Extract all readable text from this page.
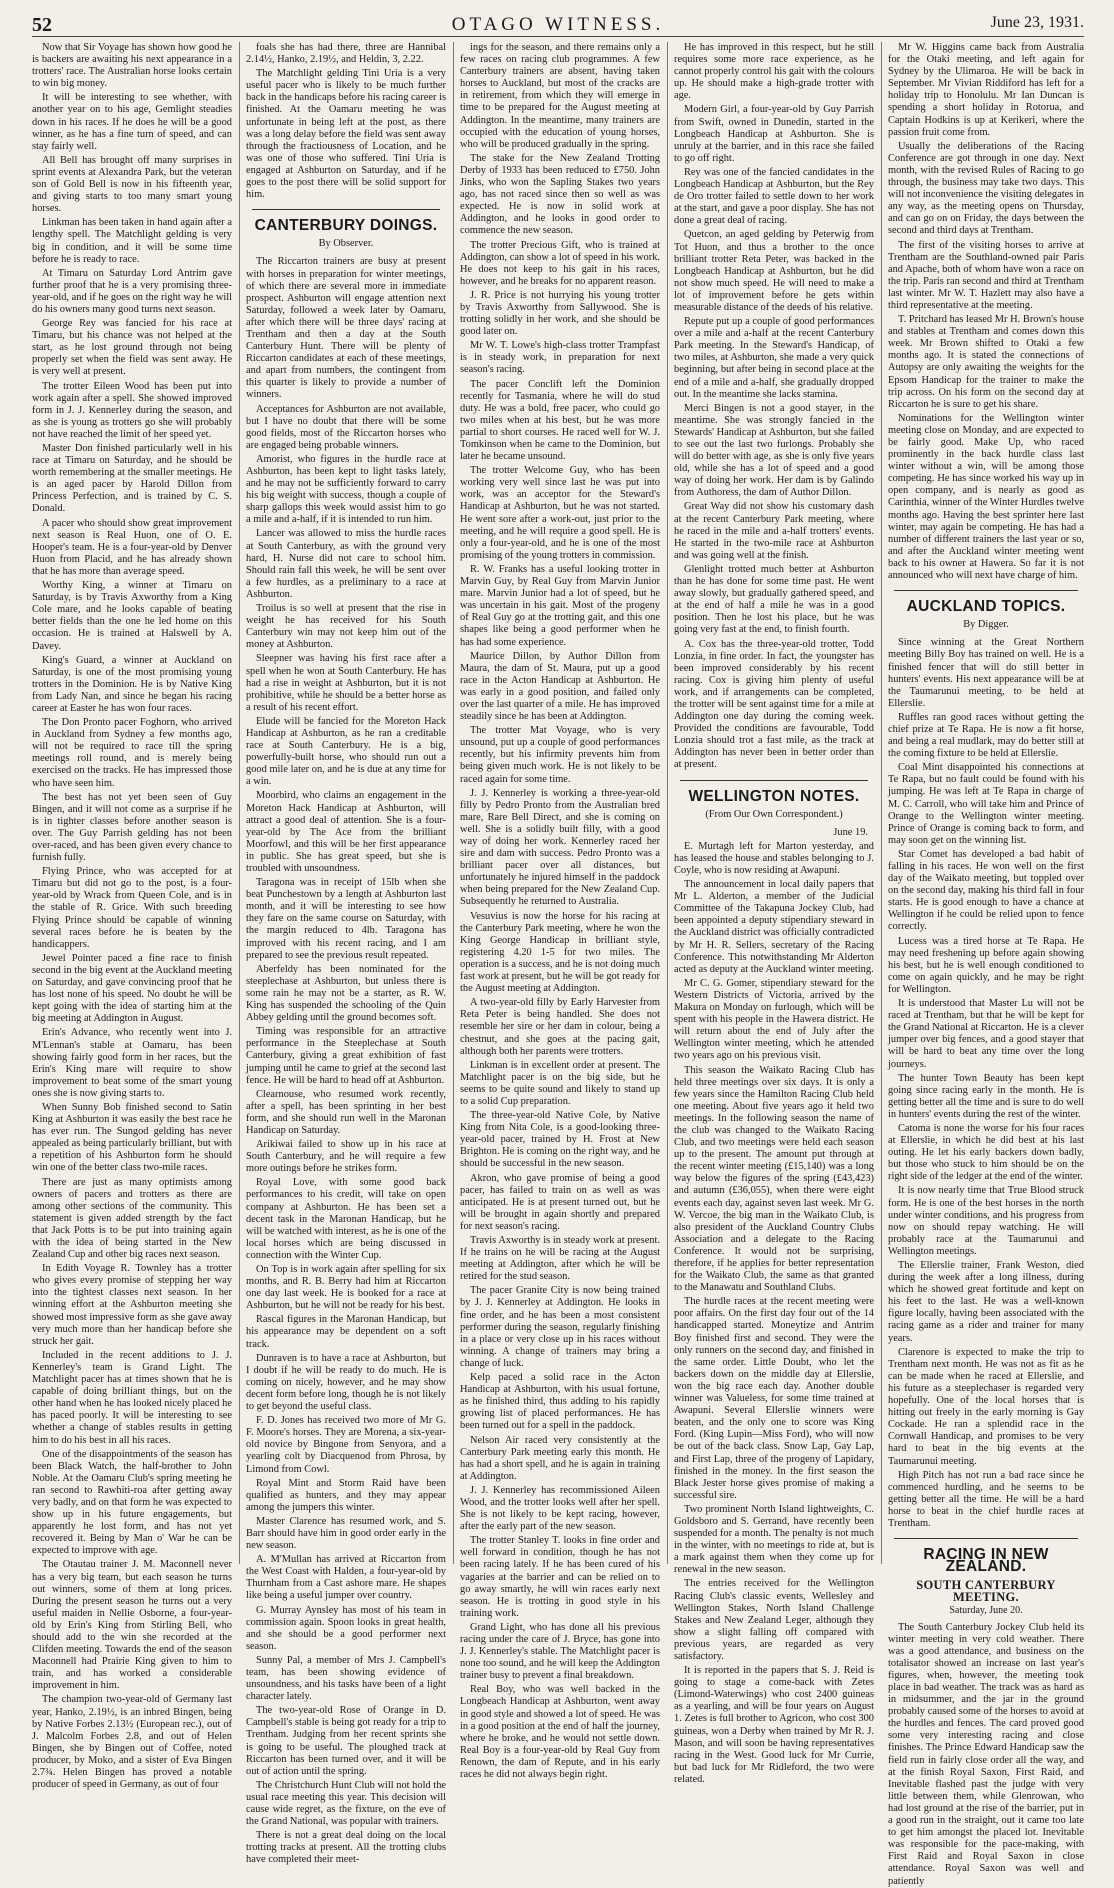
52	OTAGO WITNESS.	June 23, 1931.

Now that Sir Voyage has shown how good he is backers are awaiting his next appearance in a trotters' race. The Australian horse looks certain to win big money.

It will be interesting to see whether, with another year on to his age, Gemlight steadies down in his races. If he does he will be a good winner, as he has a fine turn of speed, and can stay fairly well.

All Bell has brought off many surprises in sprint events at Alexandra Park, but the veteran son of Gold Bell is now in his fifteenth year, and giving starts to too many smart young horses.

Linkman has been taken in hand again after a lengthy spell. The Matchlight gelding is very big in condition, and it will be some time before he is ready to race.

At Timaru on Saturday Lord Antrim gave further proof that he is a very promising three-year-old, and if he goes on the right way he will do his owners many good turns next season.

George Rey was fancied for his race at Timaru, but his chance was not helped at the start, as he lost ground through not being properly set when the field was sent away. He is very well at present.

The trotter Eileen Wood has been put into work again after a spell. She showed improved form in J. J. Kennerley during the season, and as she is young as trotters go she will probably not have reached the limit of her speed yet.

Master Don finished particularly well in his race at Timaru on Saturday, and he should be worth remembering at the smaller meetings. He is an aged pacer by Harold Dillon from Princess Perfection, and is trained by C. S. Donald.

A pacer who should show great improvement next season is Real Huon, one of O. E. Hooper's team. He is a four-year-old by Denver Huon from Placid, and he has already shown that he has more than average speed.

Worthy King, a winner at Timaru on Saturday, is by Travis Axworthy from a King Cole mare, and he looks capable of beating better fields than the one he led home on this occasion. He is trained at Halswell by A. Davey.

King's Guard, a winner at Auckland on Saturday, is one of the most promising young trotters in the Dominion. He is by Native King from Lady Nan, and since he began his racing career at Easter he has won four races.

The Don Pronto pacer Foghorn, who arrived in Auckland from Sydney a few months ago, will not be required to race till the spring meetings roll round, and is merely being exercised on the tracks. He has impressed those who have seen him.

The best has not yet been seen of Guy Bingen, and it will not come as a surprise if he is in tighter classes before another season is over. The Guy Parrish gelding has not been over-raced, and has been given every chance to furnish fully.

Flying Prince, who was accepted for at Timaru but did not go to the post, is a four-year-old by Wrack from Queen Cole, and is in the stable of R. Grice. With such breeding Flying Prince should be capable of winning several races before he is beaten by the handicappers.

Jewel Pointer paced a fine race to finish second in the big event at the Auckland meeting on Saturday, and gave convincing proof that he has lost none of his speed. No doubt he will be kept going with the idea of starting him at the big meeting at Addington in August.

Erin's Advance, who recently went into J. M'Lennan's stable at Oamaru, has been showing fairly good form in her races, but the Erin's King mare will require to show improvement to beat some of the smart young ones she is now giving starts to.

When Sunny Bob finished second to Satin King at Ashburton it was easily the best race he has ever run. The Sungod gelding has never appealed as being particularly brilliant, but with a repetition of his Ashburton form he should win one of the better class two-mile races.

There are just as many optimists among owners of pacers and trotters as there are among other sections of the community. This statement is given added strength by the fact that Jack Potts is to be put into training again with the idea of being started in the New Zealand Cup and other big races next season.

In Edith Voyage R. Townley has a trotter who gives every promise of stepping her way into the tightest classes next season. In her winning effort at the Ashburton meeting she showed most impressive form as she gave away very much more than her handicap before she struck her gait.

Included in the recent additions to J. J. Kennerley's team is Grand Light. The Matchlight pacer has at times shown that he is capable of doing brilliant things, but on the other hand when he has looked nicely placed he has paced poorly. It will be interesting to see whether a change of stables results in getting him to do his best in all his races.

One of the disappointments of the season has been Black Watch, the half-brother to John Noble. At the Oamaru Club's spring meeting he ran second to Rawhiti-roa after getting away very badly, and on that form he was expected to show up in his future engagements, but apparently he lost form, and has not yet recovered it. Being by Man o' War he can be expected to improve with age.

The Otautau trainer J. M. Maconnell never has a very big team, but each season he turns out winners, some of them at long prices. During the present season he turns out a very useful maiden in Nellie Osborne, a four-year-old by Erin's King from Stirling Bell, who should add to the win she recorded at the Clifden meeting. Towards the end of the season Maconnell had Prairie King given to him to train, and has worked a considerable improvement in him.

The champion two-year-old of Germany last year, Hanko, 2.19½, is an inbred Bingen, being by Native Forbes 2.13½ (European rec.), out of J. Malcolm Forbes 2.8, and out of Helen Bingen, she by Bingen out of Coffee, noted producer, by Moko, and a sister of Eva Bingen 2.7¾. Helen Bingen has proved a notable producer of speed in Germany, as out of four

foals she has had there, three are Hannibal 2.14½, Hanko, 2.19½, and Heldin, 3, 2.22.

The Matchlight gelding Tini Uria is a very useful pacer who is likely to be much further back in the handicaps before his racing career is finished. At the Oamaru meeting he was unfortunate in being left at the post, as there was a long delay before the field was sent away through the fractiousness of Location, and he was one of those who suffered. Tini Uria is engaged at Ashburton on Saturday, and if he goes to the post there will be solid support for him.

CANTERBURY DOINGS.
By Observer.

The Riccarton trainers are busy at present with horses in preparation for winter meetings, of which there are several more in immediate prospect. Ashburton will engage attention next Saturday, followed a week later by Oamaru, after which there will be three days' racing at Trentham and then a day at the South Canterbury Hunt. There will be plenty of Riccarton candidates at each of these meetings, and apart from numbers, the contingent from this quarter is likely to provide a number of winners.

Acceptances for Ashburton are not available, but I have no doubt that there will be some good fields, most of the Riccarton horses who are engaged being probable winners.

Amorist, who figures in the hurdle race at Ashburton, has been kept to light tasks lately, and he may not be sufficiently forward to carry his big weight with success, though a couple of sharp gallops this week would assist him to go a mile and a-half, if it is intended to run him.

Lancer was allowed to miss the hurdle races at South Canterbury, as with the ground very hard, H. Nurse did not care to school him. Should rain fall this week, he will be sent over a few hurdles, as a preliminary to a race at Ashburton.

Troilus is so well at present that the rise in weight he has received for his South Canterbury win may not keep him out of the money at Ashburton.

Sleepner was having his first race after a spell when he won at South Canterbury. He has had a rise in weight at Ashburton, but it is not prohibitive, while he should be a better horse as a result of his recent effort.

Elude will be fancied for the Moreton Hack Handicap at Ashburton, as he ran a creditable race at South Canterbury. He is a big, powerfully-built horse, who should run out a good mile later on, and he is due at any time for a win.

Moorbird, who claims an engagement in the Moreton Hack Handicap at Ashburton, will attract a good deal of attention. She is a four-year-old by The Ace from the brilliant Moorfowl, and this will be her first appearance in public. She has great speed, but she is troubled with unsoundness.

Taragona was in receipt of 15lb when she beat Punchestown by a length at Ashburton last month, and it will be interesting to see how they fare on the same course on Saturday, with the margin reduced to 4lb. Taragona has improved with his recent racing, and I am prepared to see the previous result repeated.

Aberfeldy has been nominated for the steeplechase at Ashburton, but unless there is some rain he may not be a starter, as R. W. King has suspended the schooling of the Quin Abbey gelding until the ground becomes soft.

Timing was responsible for an attractive performance in the Steeplechase at South Canterbury, giving a great exhibition of fast jumping until he came to grief at the second last fence. He will be hard to head off at Ashburton.

Clearnouse, who resumed work recently, after a spell, has been sprinting in her best form, and she should run well in the Maronan Handicap on Saturday.

Arikiwai failed to show up in his race at South Canterbury, and he will require a few more outings before he strikes form.

Royal Love, with some good back performances to his credit, will take on open company at Ashburton. He has been set a decent task in the Maronan Handicap, but he will be watched with interest, as he is one of the local horses which are being discussed in connection with the Winter Cup.

On Top is in work again after spelling for six months, and R. B. Berry had him at Riccarton one day last week. He is booked for a race at Ashburton, but he will not be ready for his best.

Rascal figures in the Maronan Handicap, but his appearance may be dependent on a soft track.

Dunraven is to have a race at Ashburton, but I doubt if he will be ready to do much. He is coming on nicely, however, and he may show decent form before long, though he is not likely to get beyond the useful class.

F. D. Jones has received two more of Mr G. F. Moore's horses. They are Morena, a six-year-old novice by Bingone from Senyora, and a yearling colt by Diacquenod from Phrosa, by Limond from Cowl.

Royal Mint and Storm Raid have been qualified as hunters, and they may appear among the jumpers this winter.

Master Clarence has resumed work, and S. Barr should have him in good order early in the new season.

A. M'Mullan has arrived at Riccarton from the West Coast with Halden, a four-year-old by Thurnham from a Cast ashore mare. He shapes like being a useful jumper over country.

G. Murray Aynsley has most of his team in commission again. Spoon looks in great health, and she should be a good performer next season.

Sunny Pal, a member of Mrs J. Campbell's team, has been showing evidence of unsoundness, and his tasks have been of a light character lately.

The two-year-old Rose of Orange in D. Campbell's stable is being got ready for a trip to Trentham. Judging from her recent sprints she is going to be useful. The ploughed track at Riccarton has been turned over, and it will be out of action until the spring.

The Christchurch Hunt Club will not hold the usual race meeting this year. This decision will cause wide regret, as the fixture, on the eve of the Grand National, was popular with trainers.

There is not a great deal doing on the local trotting tracks at present. All the trotting clubs have completed their meet-

ings for the season, and there remains only a few races on racing club programmes. A few Canterbury trainers are absent, having taken horses to Auckland, but most of the cracks are in retirement, from which they will emerge in time to be prepared for the August meeting at Addington. In the meantime, many trainers are occupied with the education of young horses, who will be produced gradually in the spring.

The stake for the New Zealand Trotting Derby of 1933 has been reduced to £750. John Jinks, who won the Sapling Stakes two years ago, has not raced since then so well as was expected. He is now in solid work at Addington, and he looks in good order to commence the new season.

The trotter Precious Gift, who is trained at Addington, can show a lot of speed in his work. He does not keep to his gait in his races, however, and he breaks for no apparent reason.

J. R. Price is not hurrying his young trotter by Travis Axworthy from Sallywood. She is trotting solidly in her work, and she should be good later on.

Mr W. T. Lowe's high-class trotter Trampfast is in steady work, in preparation for next season's racing.

The pacer Conclift left the Dominion recently for Tasmania, where he will do stud duty. He was a bold, free pacer, who could go two miles when at his best, but he was more partial to short courses. He raced well for W. J. Tomkinson when he came to the Dominion, but later he became unsound.

The trotter Welcome Guy, who has been working very well since last he was put into work, was an acceptor for the Steward's Handicap at Ashburton, but he was not started. He went sore after a work-out, just prior to the meeting, and he will require a good spell. He is only a four-year-old, and he is one of the most promising of the young trotters in commission.

R. W. Franks has a useful looking trotter in Marvin Guy, by Real Guy from Marvin Junior mare. Marvin Junior had a lot of speed, but he was uncertain in his gait. Most of the progeny of Real Guy go at the trotting gait, and this one shapes like being a good performer when he has had some experience.

Maurice Dillon, by Author Dillon from Maura, the dam of St. Maura, put up a good race in the Acton Handicap at Ashburton. He was early in a good position, and failed only over the last quarter of a mile. He has improved steadily since he has been at Addington.

The trotter Mat Voyage, who is very unsound, put up a couple of good performances recently, but his infirmity prevents him from being given much work. He is not likely to be raced again for some time.

J. J. Kennerley is working a three-year-old filly by Pedro Pronto from the Australian bred mare, Rare Bell Direct, and she is coming on well. She is a solidly built filly, with a good way of doing her work. Kennerley raced her sire and dam with success. Pedro Pronto was a brilliant pacer over all distances, but unfortunately he injured himself in the paddock when being prepared for the New Zealand Cup. Subsequently he returned to Australia.

Vesuvius is now the horse for his racing at the Canterbury Park meeting, where he won the King George Handicap in brilliant style, registering 4.20 1-5 for two miles. The operation is a success, and he is not doing much fast work at present, but he will be got ready for the August meeting at Addington.

A two-year-old filly by Early Harvester from Reta Peter is being handled. She does not resemble her sire or her dam in colour, being a chestnut, and she goes at the pacing gait, although both her parents were trotters.

Linkman is in excellent order at present. The Matchlight pacer is on the big side, but he seems to be quite sound and likely to stand up to a solid Cup preparation.

The three-year-old Native Cole, by Native King from Nita Cole, is a good-looking three-year-old pacer, trained by H. Frost at New Brighton. He is coming on the right way, and he should be successful in the new season.

Akron, who gave promise of being a good pacer, has failed to train on as well as was anticipated. He is at present turned out, but he will be brought in again shortly and prepared for next season's racing.

Travis Axworthy is in steady work at present. If he trains on he will be racing at the August meeting at Addington, after which he will be retired for the stud season.

The pacer Granite City is now being trained by J. J. Kennerley at Addington. He looks in fine order, and he has been a most consistent performer during the season, regularly finishing in a place or very close up in his races without winning. A change of trainers may bring a change of luck.

Kelp paced a solid race in the Acton Handicap at Ashburton, with his usual fortune, as he finished third, thus adding to his rapidly growing list of placed performances. He has been turned out for a spell in the paddock.

Nelson Air raced very consistently at the Canterbury Park meeting early this month. He has had a short spell, and he is again in training at Addington.

J. J. Kennerley has recommissioned Aileen Wood, and the trotter looks well after her spell. She is not likely to be kept racing, however, after the early part of the new season.

The trotter Stanley T. looks in fine order and well forward in condition, though he has not been racing lately. If he has been cured of his vagaries at the barrier and can be relied on to go away smartly, he will win races early next season. He is trotting in good style in his training work.

Grand Light, who has done all his previous racing under the care of J. Bryce, has gone into J. J. Kennerley's stable. The Matchlight pacer is none too sound, and he will keep the Addington trainer busy to prevent a final breakdown.

Real Boy, who was well backed in the Longbeach Handicap at Ashburton, went away in good style and showed a lot of speed. He was in a good position at the end of half the journey, where he broke, and he would not settle down. Real Boy is a four-year-old by Real Guy from Renown, the dam of Repute, and in his early races he did not always begin right.

He has improved in this respect, but he still requires some more race experience, as he cannot properly control his gait with the colours up. He should make a high-grade trotter with age.

Modern Girl, a four-year-old by Guy Parrish from Swift, owned in Dunedin, started in the Longbeach Handicap at Ashburton. She is unruly at the barrier, and in this race she failed to go off right.

Rey was one of the fancied candidates in the Longbeach Handicap at Ashburton, but the Rey de Oro trotter failed to settle down to her work at the start, and gave a poor display. She has not done a great deal of racing.

Quetcon, an aged gelding by Peterwig from Tot Huon, and thus a brother to the once brilliant trotter Reta Peter, was backed in the Longbeach Handicap at Ashburton, but he did not show much speed. He will need to make a lot of improvement before he gets within measurable distance of the deeds of his relative.

Repute put up a couple of good performances over a mile and a-half at the recent Canterbury Park meeting. In the Steward's Handicap, of two miles, at Ashburton, she made a very quick beginning, but after being in second place at the end of a mile and a-half, she gradually dropped out. In the meantime she lacks stamina.

Merci Bingen is not a good stayer, in the meantime. She was strongly fancied in the Stewards' Handicap at Ashburton, but she failed to see out the last two furlongs. Probably she will do better with age, as she is only five years old, while she has a lot of speed and a good way of doing her work. Her dam is by Galindo from Authoress, the dam of Author Dillon.

Great Way did not show his customary dash at the recent Canterbury Park meeting, where he raced in the mile and a-half trotters' events. He started in the two-mile race at Ashburton and was going well at the finish.

Glenlight trotted much better at Ashburton than he has done for some time past. He went away slowly, but gradually gathered speed, and at the end of half a mile he was in a good position. Then he lost his place, but he was going very fast at the end, to finish fourth.

A. Cox has the three-year-old trotter, Todd Lonzia, in fine order. In fact, the youngster has been improved considerably by his recent racing. Cox is giving him plenty of useful work, and if arrangements can be completed, the trotter will be sent against time for a mile at Addington one day during the coming week. Provided the conditions are favourable, Todd Lonzia should trot a fast mile, as the track at Addington has never been in better order than at present.

WELLINGTON NOTES.
(From Our Own Correspondent.)
June 19.

E. Murtagh left for Marton yesterday, and has leased the house and stables belonging to J. Coyle, who is now residing at Awapuni.

The announcement in local daily papers that Mr L. Alderton, a member of the Judicial Committee of the Takapuna Jockey Club, had been appointed a deputy stipendiary steward in the Auckland district was officially contradicted by Mr H. R. Sellers, secretary of the Racing Conference. This notwithstanding Mr Alderton acted as deputy at the Auckland winter meeting.

Mr C. G. Gomer, stipendiary steward for the Western Districts of Victoria, arrived by the Makura on Monday on furlough, which will be spent with his people in the Hawera district. He will return about the end of July after the Wellington winter meeting, which he attended two years ago on his previous visit.

This season the Waikato Racing Club has held three meetings over six days. It is only a few years since the Hamilton Racing Club held one meeting. About five years ago it held two meetings. In the following season the name of the club was changed to the Waikato Racing Club, and two meetings were held each season up to the present. The amount put through at the recent winter meeting (£15,140) was a long way below the figures of the spring (£43,423) and autumn (£36,055), when there were eight events each day, against seven last week. Mr G. W. Vercoe, the big man in the Waikato Club, is also president of the Auckland Country Clubs Association and a delegate to the Racing Conference. It would not be surprising, therefore, if he applies for better representation for the Waikato Club, the same as that granted to the Manawatu and Southland Clubs.

The hurdle races at the recent meeting were poor affairs. On the first day four out of the 14 handicapped started. Moneytize and Antrim Boy finished first and second. They were the only runners on the second day, and finished in the same order. Little Doubt, who let the backers down on the middle day at Ellerslie, won the big race each day. Another double winner was Valueless, for some time trained at Awapuni. Several Ellerslie winners were beaten, and the only one to score was King Ford. (King Lupin—Miss Ford), who will now be out of the back class. Snow Lap, Gay Lap, and First Lap, three of the progeny of Lapidary, finished in the money. In the first season the Black Jester horse gives promise of making a successful sire.

Two prominent North Island lightweights, C. Goldsboro and S. Gerrand, have recently been suspended for a month. The penalty is not much in the winter, with no meetings to ride at, but is a mark against them when they come up for renewal in the new season.

The entries received for the Wellington Racing Club's classic events, Wellesley and Wellington Stakes, North Island Challenge Stakes and New Zealand Leger, although they show a slight falling off compared with previous years, are regarded as very satisfactory.

It is reported in the papers that S. J. Reid is going to stage a come-back with Zetes (Limond-Waterwings) who cost 2400 guineas as a yearling, and will be four years on August 1. Zetes is full brother to Agricon, who cost 300 guineas, won a Derby when trained by Mr R. J. Mason, and will soon be having representatives racing in the West. Good luck for Mr Currie, but bad luck for Mr Ridleford, the two were related.

Mr W. Higgins came back from Australia for the Otaki meeting, and left again for Sydney by the Ulimaroa. He will be back in September. Mr Vivian Riddiford has left for a holiday trip to Honolulu. Mr Ian Duncan is spending a short holiday in Rotorua, and Captain Hodkins is up at Kerikeri, where the passion fruit come from.

Usually the deliberations of the Racing Conference are got through in one day. Next month, with the revised Rules of Racing to go through, the business may take two days. This will not inconvenience the visiting delegates in any way, as the meeting opens on Thursday, and can go on on Friday, the days between the second and third days at Trentham.

The first of the visiting horses to arrive at Trentham are the Southland-owned pair Paris and Apache, both of whom have won a race on the trip. Paris ran second and third at Trentham last winter. Mr W. T. Hazlett may also have a third representative at the meeting.

T. Pritchard has leased Mr H. Brown's house and stables at Trentham and comes down this week. Mr Brown shifted to Otaki a few months ago. It is stated the connections of Autopsy are only awaiting the weights for the Epsom Handicap for the trainer to make the trip across. On his form on the second day at Riccarton he is sure to get his share.

Nominations for the Wellington winter meeting close on Monday, and are expected to be fairly good. Make Up, who raced prominently in the back hurdle class last winter without a win, will be among those competing. He has since worked his way up in open company, and is nearly as good as Carinthia, winner of the Winter Hurdles twelve months ago. Having the best sprinter here last winter, may again be competing. He has had a number of different trainers the last year or so, and after the Auckland winter meeting went back to his owner at Hawera. So far it is not announced who will next have charge of him.

AUCKLAND TOPICS.
By Digger.

Since winning at the Great Northern meeting Billy Boy has trained on well. He is a finished fencer that will do still better in hunters' events. His next appearance will be at the Taumarunui meeting, to be held at Ellerslie.

Ruffles ran good races without getting the chief prize at Te Rapa. He is now a fit horse, and being a real mudlark, may do better still at the coming fixture to be held at Ellerslie.

Coal Mint disappointed his connections at Te Rapa, but no fault could be found with his jumping. He was left at Te Rapa in charge of M. C. Carroll, who will take him and Prince of Orange to the Wellington winter meeting. Prince of Orange is coming back to form, and may soon get on the winning list.

Star Comet has developed a bad habit of falling in his races. He won well on the first day of the Waikato meeting, but toppled over on the second day, making his third fall in four starts. He is good enough to have a chance at Wellington if he could be relied upon to fence correctly.

Lucess was a tired horse at Te Rapa. He may need freshening up before again showing his best, but he is well enough conditioned to come on again quickly, and he may be right for Wellington.

It is understood that Master Lu will not be raced at Trentham, but that he will be kept for the Grand National at Riccarton. He is a clever jumper over big fences, and a good stayer that will be hard to beat any time over the long journeys.

The hunter Town Beauty has been kept going since racing early in the month. He is getting better all the time and is sure to do well in hunters' events during the rest of the winter.

Catoma is none the worse for his four races at Ellerslie, in which he did best at his last outing. He let his early backers down badly, but those who stuck to him should be on the right side of the ledger at the end of the winter.

It is now nearly time that True Blood struck form. He is one of the best horses in the north under winter conditions, and his progress from now on should repay watching. He will probably race at the Taumarunui and Wellington meetings.

The Ellerslie trainer, Frank Weston, died during the week after a long illness, during which he showed great fortitude and kept on his feet to the last. He was a well-known figure locally, having been associated with the racing game as a rider and trainer for many years.

Clarenore is expected to make the trip to Trentham next month. He was not as fit as he can be made when he raced at Ellerslie, and his future as a steeplechaser is regarded very hopefully. One of the local horses that is hitting out freely in the early morning is Gay Cockade. He ran a splendid race in the Cornwall Handicap, and promises to be very hard to beat in the big events at the Taumarunui meeting.

High Pitch has not run a bad race since he commenced hurdling, and he seems to be getting better all the time. He will be a hard horse to beat in the chief hurdle races at Trentham.

RACING IN NEW ZEALAND.
SOUTH CANTERBURY MEETING.
Saturday, June 20.

The South Canterbury Jockey Club held its winter meeting in very cold weather. There was a good attendance, and business on the totalisator showed an increase on last year's figures, when, however, the meeting took place in bad weather. The track was as hard as in midsummer, and the jar in the ground probably caused some of the horses to avoid at the hurdles and fences. The card proved good some very interesting racing and close finishes. The Prince Edward Handicap saw the field run in fairly close order all the way, and at the finish Royal Saxon, First Raid, and Inevitable flashed past the judge with very little between them, while Glenrowan, who had lost ground at the rise of the barrier, put in a good run in the straight, out it came too late to get him amongst the placed lot. Inevitable was responsible for the pace-making, with First Raid and Royal Saxon in close attendance. Royal Saxon was well and patiently
